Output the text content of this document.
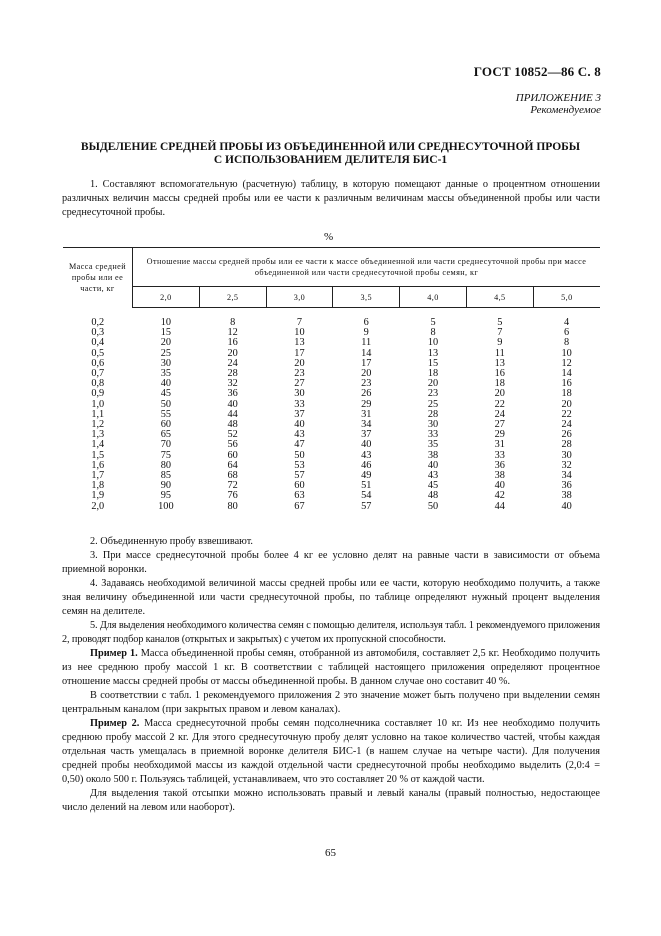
ГОСТ 10852—86 С. 8
ПРИЛОЖЕНИЕ 3
Рекомендуемое
ВЫДЕЛЕНИЕ СРЕДНЕЙ ПРОБЫ ИЗ ОБЪЕДИНЕННОЙ ИЛИ СРЕДНЕСУТОЧНОЙ ПРОБЫ
С ИСПОЛЬЗОВАНИЕМ ДЕЛИТЕЛЯ БИС-1

1. Составляют вспомогательную (расчетную) таблицу, в которую помещают данные о процентном отношении различных величин массы средней пробы или ее части к различным величинам массы объединенной пробы или части среднесуточной пробы.

%
Масса средней пробы или ее части, кг	Отношение массы средней пробы или ее части к массе объединенной или части среднесуточной пробы при массе объединенной или части среднесуточной пробы семян, кг						
	2,0	2,5	3,0	3,5	4,0	4,5	5,0
0,2	10	8	7	6	5	5	4
0,3	15	12	10	9	8	7	6
0,4	20	16	13	11	10	9	8
0,5	25	20	17	14	13	11	10
0,6	30	24	20	17	15	13	12
0,7	35	28	23	20	18	16	14
0,8	40	32	27	23	20	18	16
0,9	45	36	30	26	23	20	18
1,0	50	40	33	29	25	22	20
1,1	55	44	37	31	28	24	22
1,2	60	48	40	34	30	27	24
1,3	65	52	43	37	33	29	26
1,4	70	56	47	40	35	31	28
1,5	75	60	50	43	38	33	30
1,6	80	64	53	46	40	36	32
1,7	85	68	57	49	43	38	34
1,8	90	72	60	51	45	40	36
1,9	95	76	63	54	48	42	38
2,0	100	80	67	57	50	44	40

2. Объединенную пробу взвешивают.

3. При массе среднесуточной пробы более 4 кг ее условно делят на равные части в зависимости от объема приемной воронки.

4. Задаваясь необходимой величиной массы средней пробы или ее части, которую необходимо получить, а также зная величину объединенной или части среднесуточной пробы, по таблице определяют нужный процент выделения семян на делителе.

5. Для выделения необходимого количества семян с помощью делителя, используя табл. 1 рекомендуемого приложения 2, проводят подбор каналов (открытых и закрытых) с учетом их пропускной способности.

Пример 1. Масса объединенной пробы семян, отобранной из автомобиля, составляет 2,5 кг. Необходимо получить из нее среднюю пробу массой 1 кг. В соответствии с таблицей настоящего приложения определяют процентное отношение массы средней пробы от массы объединенной пробы. В данном случае оно составит 40 %.

В соответствии с табл. 1 рекомендуемого приложения 2 это значение может быть получено при выделении семян центральным каналом (при закрытых правом и левом каналах).

Пример 2. Масса среднесуточной пробы семян подсолнечника составляет 10 кг. Из нее необходимо получить среднюю пробу массой 2 кг. Для этого среднесуточную пробу делят условно на такое количество частей, чтобы каждая отдельная часть умещалась в приемной воронке делителя БИС-1 (в нашем случае на четыре части). Для получения средней пробы необходимой массы из каждой отдельной части среднесуточной пробы необходимо выделить (2,0:4 = 0,50) около 500 г. Пользуясь таблицей, устанавливаем, что это составляет 20 % от каждой части.

Для выделения такой отсыпки можно использовать правый и левый каналы (правый полностью, недостающее число делений на левом или наоборот).

65
